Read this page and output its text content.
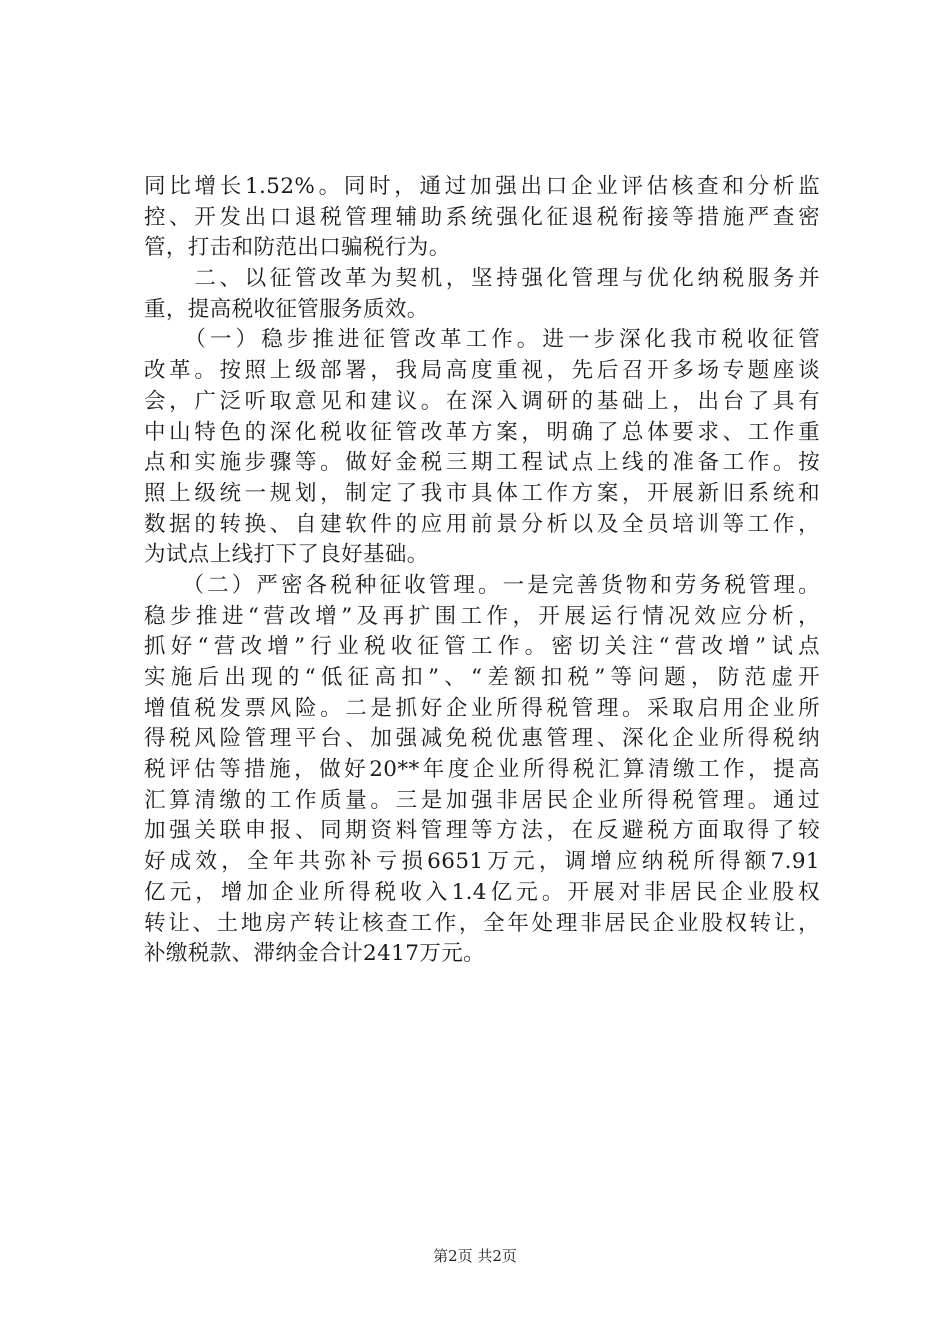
同比增长1.52%。同时，通过加强出口企业评估核查和分析监
控、开发出口退税管理辅助系统强化征退税衔接等措施严查密
管，打击和防范出口骗税行为。
　　二、以征管改革为契机，坚持强化管理与优化纳税服务并
重，提高税收征管服务质效。
　　（一）稳步推进征管改革工作。进一步深化我市税收征管
改革。按照上级部署，我局高度重视，先后召开多场专题座谈
会，广泛听取意见和建议。在深入调研的基础上，出台了具有
中山特色的深化税收征管改革方案，明确了总体要求、工作重
点和实施步骤等。做好金税三期工程试点上线的准备工作。按
照上级统一规划，制定了我市具体工作方案，开展新旧系统和
数据的转换、自建软件的应用前景分析以及全员培训等工作，
为试点上线打下了良好基础。
　　（二）严密各税种征收管理。一是完善货物和劳务税管理。
稳步推进“营改增”及再扩围工作，开展运行情况效应分析，
抓好“营改增”行业税收征管工作。密切关注“营改增”试点
实施后出现的“低征高扣”、“差额扣税”等问题，防范虚开
增值税发票风险。二是抓好企业所得税管理。采取启用企业所
得税风险管理平台、加强减免税优惠管理、深化企业所得税纳
税评估等措施，做好20**年度企业所得税汇算清缴工作，提高
汇算清缴的工作质量。三是加强非居民企业所得税管理。通过
加强关联申报、同期资料管理等方法，在反避税方面取得了较
好成效，全年共弥补亏损6651万元，调增应纳税所得额7.91
亿元，增加企业所得税收入1.4亿元。开展对非居民企业股权
转让、土地房产转让核查工作，全年处理非居民企业股权转让，
补缴税款、滞纳金合计2417万元。
第2页 共2页
